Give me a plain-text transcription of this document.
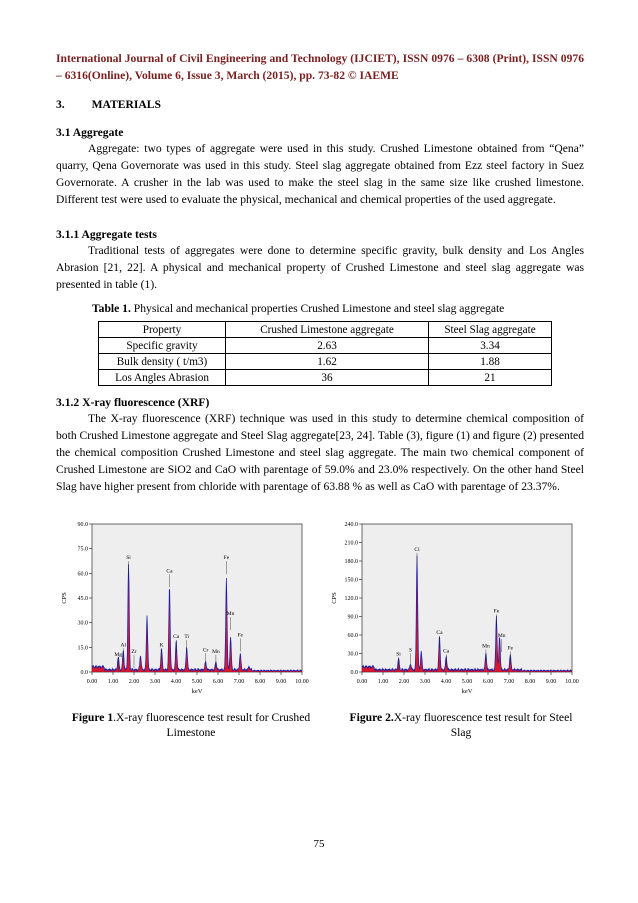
International Journal of Civil Engineering and Technology (IJCIET), ISSN 0976 – 6308 (Print), ISSN 0976 – 6316(Online), Volume 6, Issue 3, March (2015), pp. 73-82 © IAEME
3. MATERIALS
3.1 Aggregate
Aggregate: two types of aggregate were used in this study. Crushed Limestone obtained from “Qena” quarry, Qena Governorate was used in this study. Steel slag aggregate obtained from Ezz steel factory in Suez Governorate. A crusher in the lab was used to make the steel slag in the same size like crushed limestone. Different test were used to evaluate the physical, mechanical and chemical properties of the used aggregate.
3.1.1 Aggregate tests
Traditional tests of aggregates were done to determine specific gravity, bulk density and Los Angles Abrasion [21, 22]. A physical and mechanical property of Crushed Limestone and steel slag aggregate was presented in table (1).
Table 1. Physical and mechanical properties Crushed Limestone and steel slag aggregate
Property	Crushed Limestone aggregate	Steel Slag aggregate
Specific gravity	2.63	3.34
Bulk density ( t/m3)	1.62	1.88
Los Angles Abrasion	36	21
3.1.2 X-ray fluorescence (XRF)
The X-ray fluorescence (XRF) technique was used in this study to determine chemical composition of both Crushed Limestone aggregate and Steel Slag aggregate[23, 24]. Table (3), figure (1) and figure (2) presented the chemical composition Crushed Limestone and steel slag aggregate. The main two chemical component of Crushed Limestone are SiO2 and CaO with parentage of 59.0% and 23.0% respectively. On the other hand Steel Slag have higher present from chloride with parentage of 63.88 % as well as CaO with parentage of 23.37%.
0.0
15.0
30.0
45.0
60.0
75.0
90.0
0.00 1.00 2.00 3.00 4.00 5.00 6.00 7.00 8.00 9.00 10.00
keV
CPS
Si
Ca
Fe
Al
Mg
Zr
K
Ca Ti
Cr Mn
Mn
Fe
0.0
30.0
60.0
90.0
120.0
150.0
180.0
210.0
240.0
0.00 1.00 2.00 3.00 4.00 5.00 6.00 7.00 8.00 9.00 10.00
keV
CPS
Cl
Fe
Ca
Mn
Mn
Fe
Si
Ca
S
Figure 1.X-ray fluorescence test result for Crushed Limestone
Figure 2.X-ray fluorescence test result for Steel Slag
75
